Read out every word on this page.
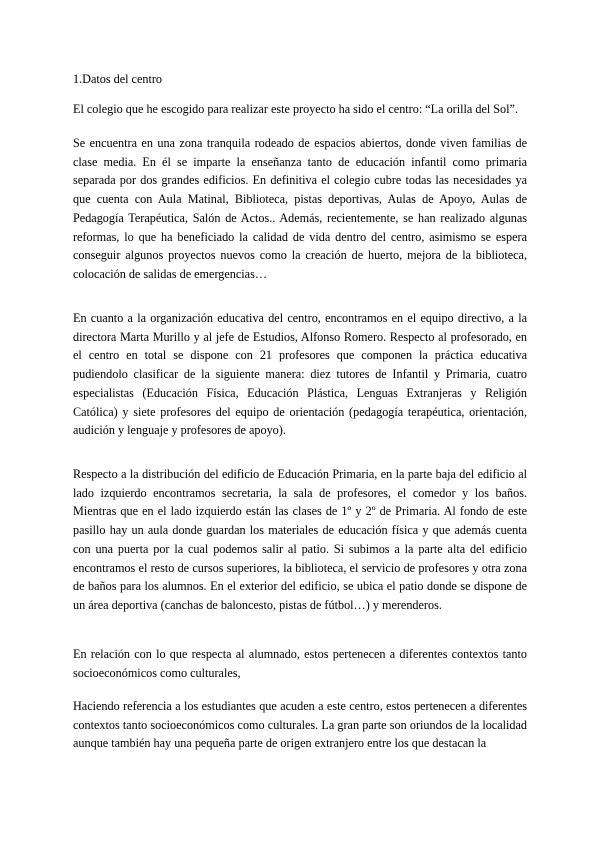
1.Datos del centro

El colegio que he escogido para realizar este proyecto ha sido el centro: “La orilla del Sol”.

Se encuentra en una zona tranquila rodeado de espacios abiertos, donde viven familias de clase media. En él se imparte la enseñanza tanto de educación infantil como primaria separada por dos grandes edificios. En definitiva el colegio cubre todas las necesidades ya que cuenta con Aula Matinal, Biblioteca, pistas deportivas, Aulas de Apoyo, Aulas de Pedagogía Terapéutica, Salón de Actos.. Además, recientemente, se han realizado algunas reformas, lo que ha beneficiado la calidad de vida dentro del centro, asimismo se espera conseguir algunos proyectos nuevos como la creación de huerto, mejora de la biblioteca, colocación de salidas de emergencias…

En cuanto a la organización educativa del centro, encontramos en el equipo directivo, a la directora Marta Murillo y al jefe de Estudios, Alfonso Romero. Respecto al profesorado, en el centro en total se dispone con 21 profesores que componen la práctica educativa pudiendolo clasificar de la siguiente manera: diez tutores de Infantil y Primaria, cuatro especialistas (Educación Física, Educación Plástica, Lenguas Extranjeras y Religión Católica) y siete profesores del equipo de orientación (pedagogía terapéutica, orientación, audición y lenguaje y profesores de apoyo).

Respecto a la distribución del edificio de Educación Primaria, en la parte baja del edificio al lado izquierdo encontramos secretaria, la sala de profesores, el comedor y los baños. Mientras que en el lado izquierdo están las clases de 1º y 2º de Primaria. Al fondo de este pasillo hay un aula donde guardan los materiales de educación física y que además cuenta con una puerta por la cual podemos salir al patio. Si subimos a la parte alta del edificio encontramos el resto de cursos superiores, la biblioteca, el servicio de profesores y otra zona de baños para los alumnos. En el exterior del edificio, se ubica el patio donde se dispone de un área deportiva (canchas de baloncesto, pistas de fútbol…) y merenderos.

En relación con lo que respecta al alumnado, estos pertenecen a diferentes contextos tanto socioeconómicos como culturales,

Haciendo referencia a los estudiantes que acuden a este centro, estos pertenecen a diferentes contextos tanto socioeconómicos como culturales. La gran parte son oriundos de la localidad aunque también hay una pequeña parte de origen extranjero entre los que destacan la
